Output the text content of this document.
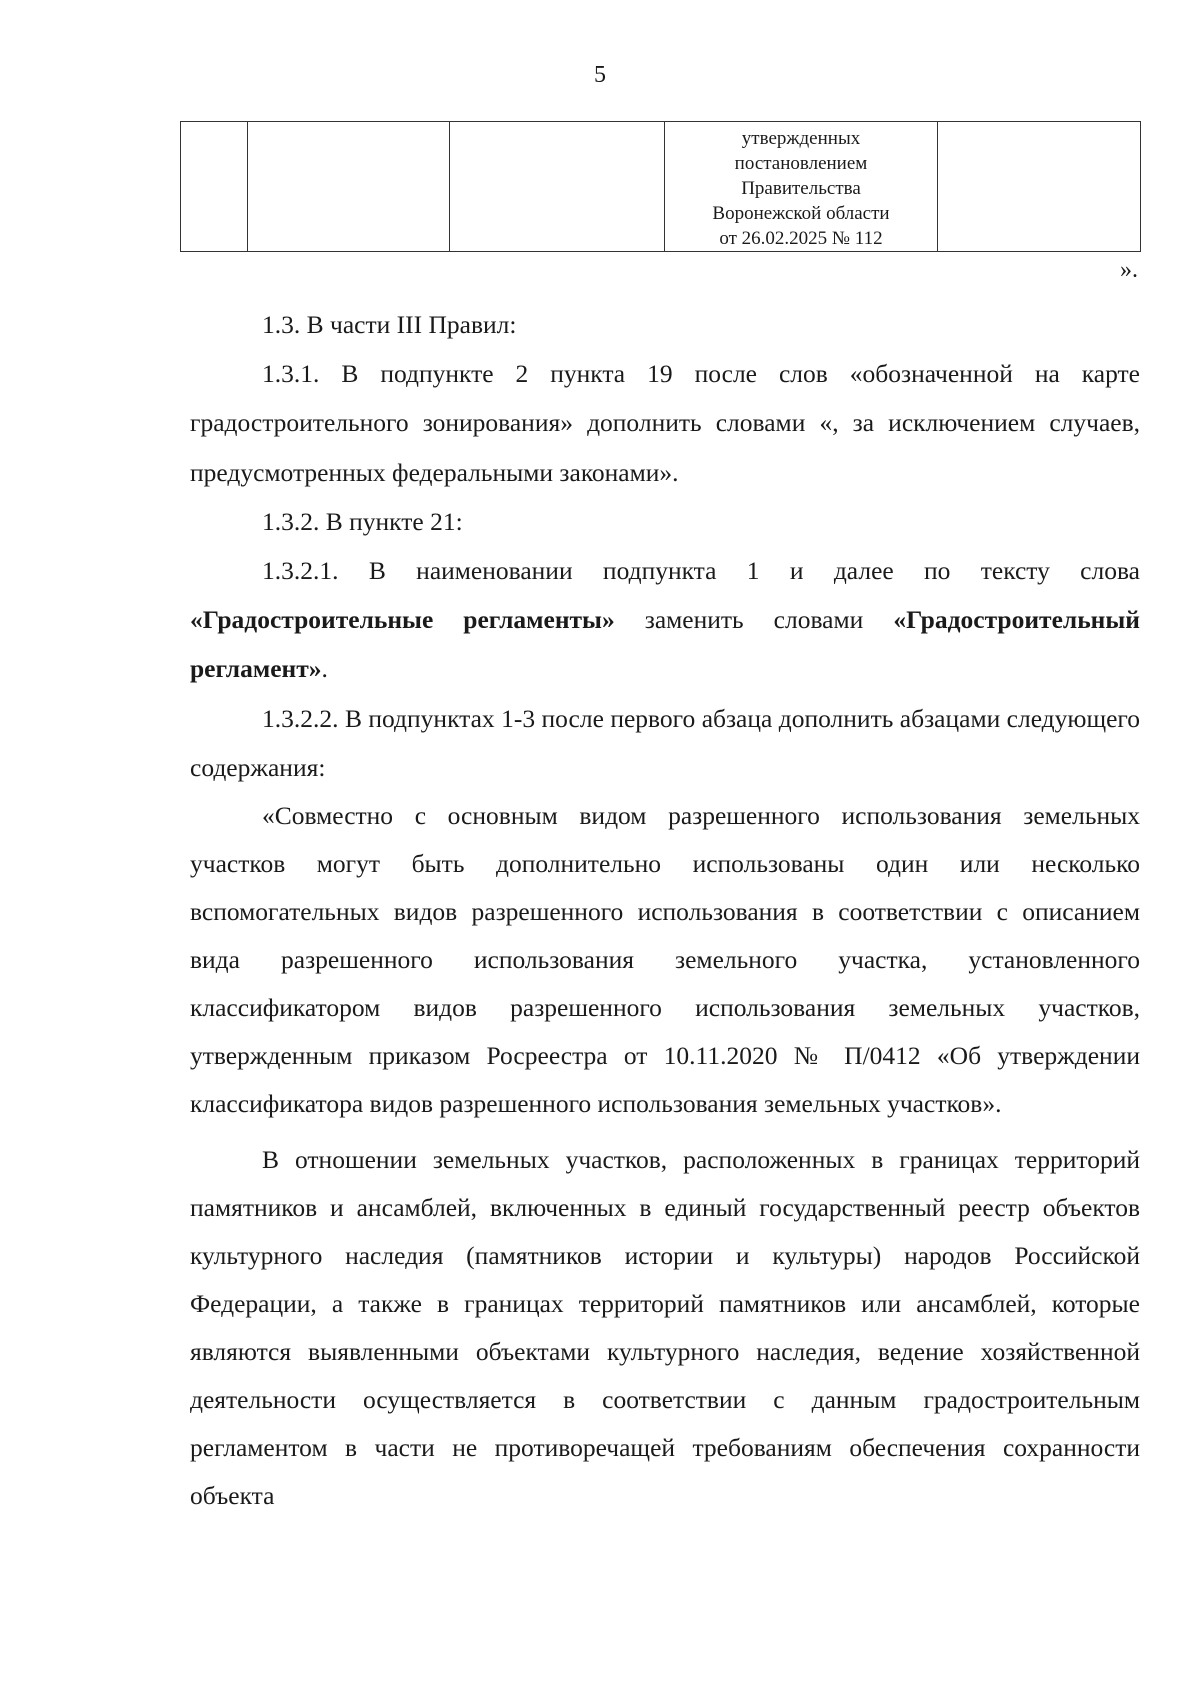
5

утвержденных
постановлением
Правительства
Воронежской области
от 26.02.2025 № 112

».

1.3. В части III Правил:

1.3.1. В подпункте 2 пункта 19 после слов «обозначенной на карте градостроительного зонирования» дополнить словами «, за исключением случаев, предусмотренных федеральными законами».

1.3.2. В пункте 21:

1.3.2.1. В наименовании подпункта 1 и далее по тексту слова «Градостроительные регламенты» заменить словами «Градостроительный регламент».

1.3.2.2. В подпунктах 1-3 после первого абзаца дополнить абзацами следующего содержания:

«Совместно с основным видом разрешенного использования земельных участков могут быть дополнительно использованы один или несколько вспомогательных видов разрешенного использования в соответствии с описанием вида разрешенного использования земельного участка, установленного классификатором видов разрешенного использования земельных участков, утвержденным приказом Росреестра от 10.11.2020 № П/0412 «Об утверждении классификатора видов разрешенного использования земельных участков».

В отношении земельных участков, расположенных в границах территорий памятников и ансамблей, включенных в единый государственный реестр объектов культурного наследия (памятников истории и культуры) народов Российской Федерации, а также в границах территорий памятников или ансамблей, которые являются выявленными объектами культурного наследия, ведение хозяйственной деятельности осуществляется в соответствии с данным градостроительным регламентом в части не противоречащей требованиям обеспечения сохранности объекта
